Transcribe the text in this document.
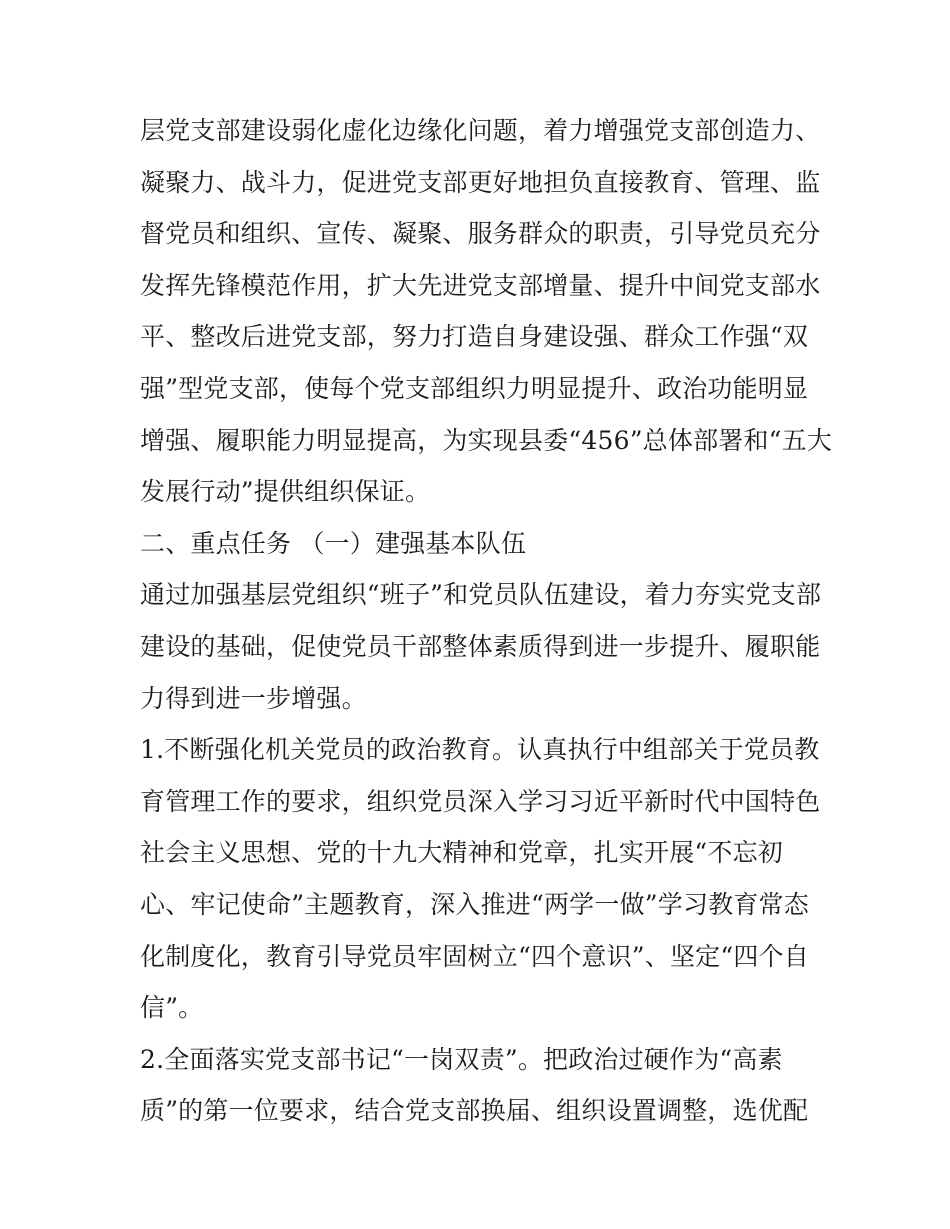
层党支部建设弱化虚化边缘化问题，着力增强党支部创造力、
凝聚力、战斗力，促进党支部更好地担负直接教育、管理、监
督党员和组织、宣传、凝聚、服务群众的职责，引导党员充分
发挥先锋模范作用，扩大先进党支部增量、提升中间党支部水
平、整改后进党支部，努力打造自身建设强、群众工作强“双
强”型党支部，使每个党支部组织力明显提升、政治功能明显
增强、履职能力明显提高，为实现县委“456”总体部署和“五大
发展行动”提供组织保证。
二、重点任务 （一）建强基本队伍
通过加强基层党组织“班子”和党员队伍建设，着力夯实党支部
建设的基础，促使党员干部整体素质得到进一步提升、履职能
力得到进一步增强。
1.不断强化机关党员的政治教育。认真执行中组部关于党员教
育管理工作的要求，组织党员深入学习习近平新时代中国特色
社会主义思想、党的十九大精神和党章，扎实开展“不忘初
心、牢记使命”主题教育，深入推进“两学一做”学习教育常态
化制度化，教育引导党员牢固树立“四个意识”、坚定“四个自
信”。
2.全面落实党支部书记“一岗双责”。把政治过硬作为“高素
质”的第一位要求，结合党支部换届、组织设置调整，选优配
